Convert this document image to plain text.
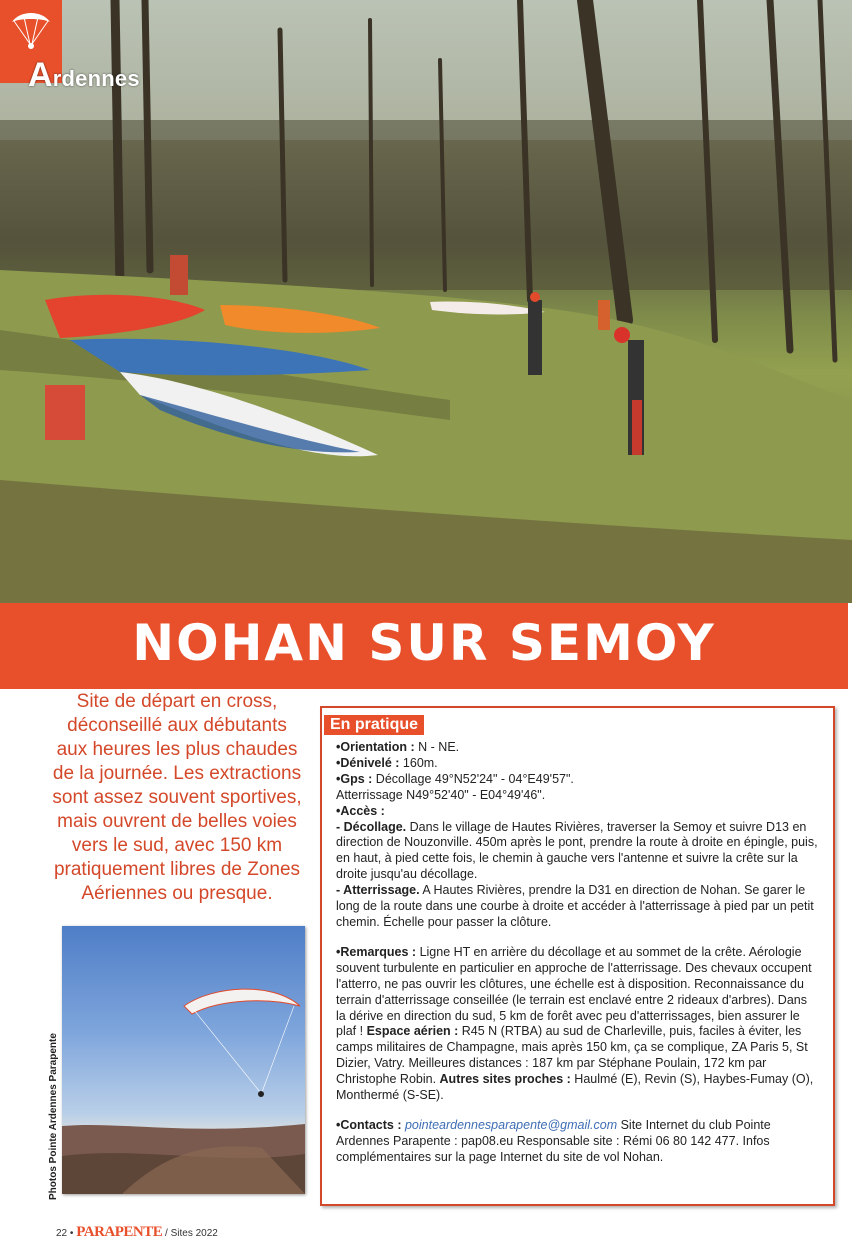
Ardennes
NOHAN SUR SEMOY
Site de départ en cross, déconseillé aux débutants aux heures les plus chaudes de la journée. Les extractions sont assez souvent sportives, mais ouvrent de belles voies vers le sud, avec 150 km pratiquement libres de Zones Aériennes ou presque.
Photos Pointe Ardennes Parapente
En pratique

•Orientation : N - NE.

•Dénivelé : 160m.

•Gps : Décollage 49°N52'24" - 04°E49'57".

Atterrissage N49°52'40" - E04°49'46".

•Accès :

- Décollage. Dans le village de Hautes Rivières, traverser la Semoy et suivre D13 en direction de Nouzonville. 450m après le pont, prendre la route à droite en épingle, puis, en haut, à pied cette fois, le chemin à gauche vers l'antenne et suivre la crête sur la droite jusqu'au décollage.

- Atterrissage. A Hautes Rivières, prendre la D31 en direction de Nohan. Se garer le long de la route dans une courbe à droite et accéder à l'atterrissage à pied par un petit chemin. Échelle pour passer la clôture.

•Remarques : Ligne HT en arrière du décollage et au sommet de la crête. Aérologie souvent turbulente en particulier en approche de l'atterrissage. Des chevaux occupent l'atterro, ne pas ouvrir les clôtures, une échelle est à disposition. Reconnaissance du terrain d'atterrissage conseillée (le terrain est enclavé entre 2 rideaux d'arbres). Dans la dérive en direction du sud, 5 km de forêt avec peu d'atterrissages, bien assurer le plaf ! Espace aérien : R45 N (RTBA) au sud de Charleville, puis, faciles à éviter, les camps militaires de Champagne, mais après 150 km, ça se complique, ZA Paris 5, St Dizier, Vatry. Meilleures distances : 187 km par Stéphane Poulain, 172 km par Christophe Robin. Autres sites proches : Haulmé (E), Revin (S), Haybes-Fumay (O), Monthermé (S-SE).

•Contacts : pointeardennesparapente@gmail.com Site Internet du club Pointe Ardennes Parapente : pap08.eu Responsable site : Rémi 06 80 142 477. Infos complémentaires sur la page Internet du site de vol Nohan.

22 • PARAPENTE / Sites 2022
